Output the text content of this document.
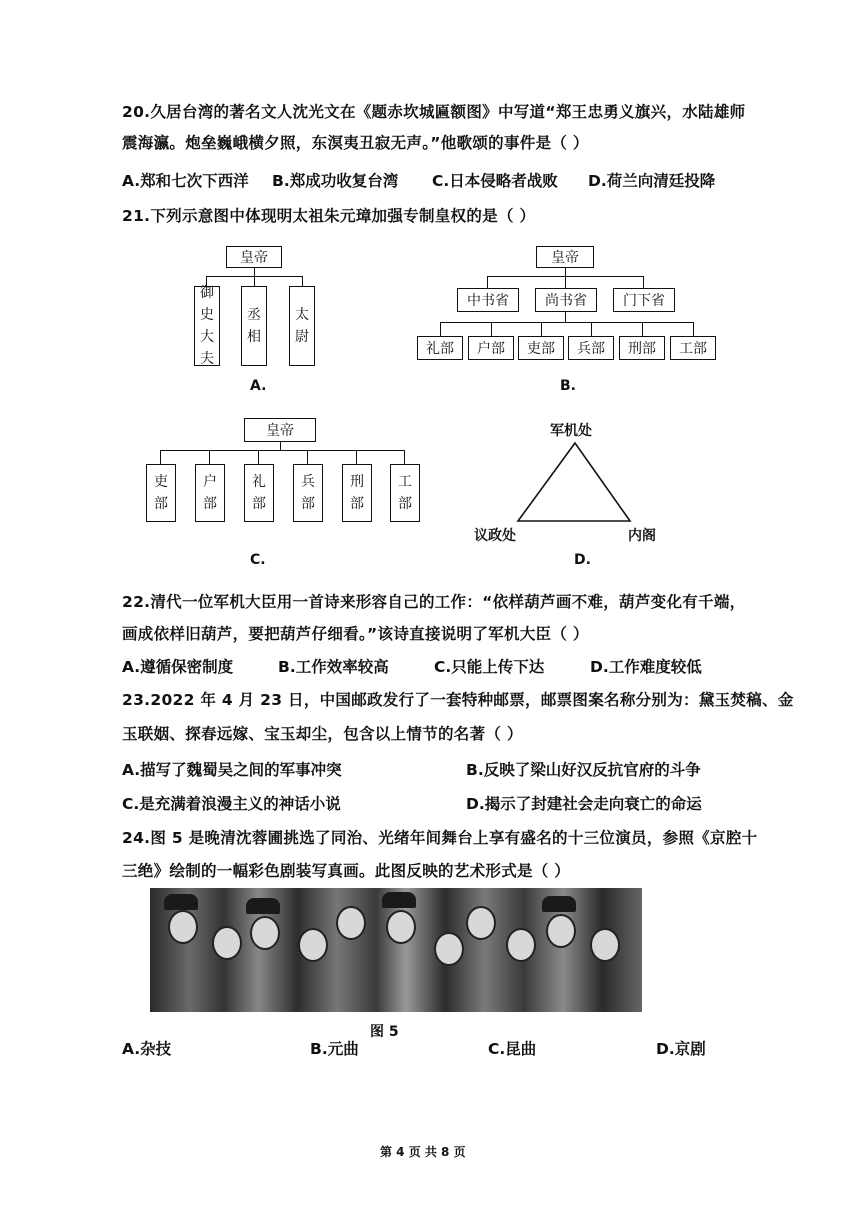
20.久居台湾的著名文人沈光文在《题赤坎城匾额图》中写道“郑王忠勇义旗兴，水陆雄师
震海瀛。炮垒巍峨横夕照，东溟夷丑寂无声。”他歌颂的事件是（ ）
A.郑和七次下西洋 B.郑成功收复台湾 C.日本侵略者战败 D.荷兰向清廷投降
21.下列示意图中体现明太祖朱元璋加强专制皇权的是（ ）
皇帝
御
史
大
夫
丞
相
太
尉
A.
皇帝
中书省	尚书省	门下省
礼部	户部	吏部	兵部	刑部	工部
B.
皇帝
吏
部
户
部
礼
部
兵
部
刑
部
工
部
C.
军机处
议政处	内阁
D.
22.清代一位军机大臣用一首诗来形容自己的工作：“依样葫芦画不难，葫芦变化有千端，
画成依样旧葫芦，要把葫芦仔细看。”该诗直接说明了军机大臣（ ）
A.遵循保密制度	B.工作效率较高	C.只能上传下达	D.工作难度较低
23.2022 年 4 月 23 日，中国邮政发行了一套特种邮票，邮票图案名称分别为：黛玉焚稿、金
玉联姻、探春远嫁、宝玉却尘，包含以上情节的名著（ ）
A.描写了魏蜀吴之间的军事冲突	B.反映了梁山好汉反抗官府的斗争
C.是充满着浪漫主义的神话小说	D.揭示了封建社会走向衰亡的命运
24.图 5 是晚清沈蓉圃挑选了同治、光绪年间舞台上享有盛名的十三位演员，参照《京腔十
三绝》绘制的一幅彩色剧装写真画。此图反映的艺术形式是（ ）
图 5
A.杂技	B.元曲	C.昆曲	D.京剧
第 4 页 共 8 页
